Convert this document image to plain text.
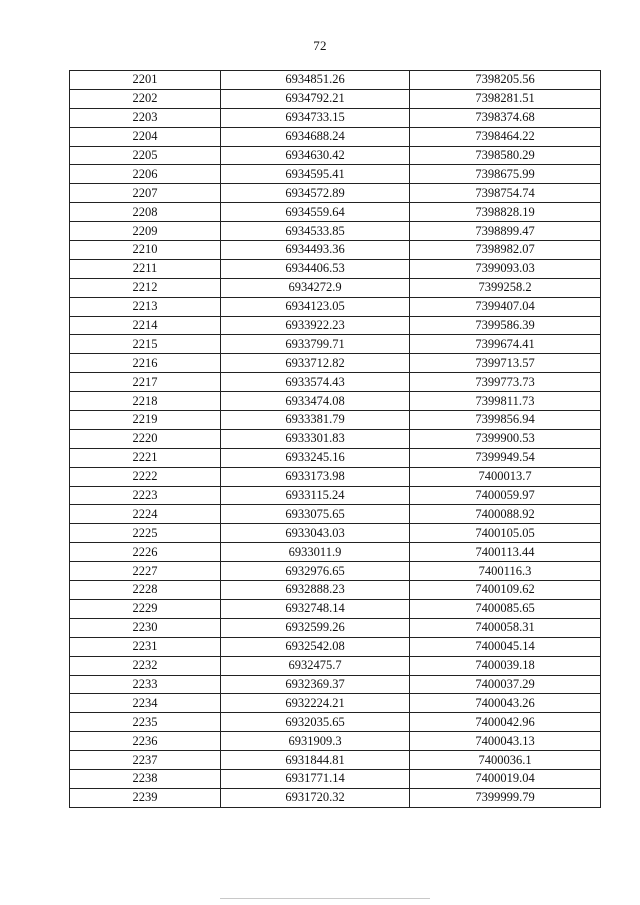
72
2201	6934851.26	7398205.56
2202	6934792.21	7398281.51
2203	6934733.15	7398374.68
2204	6934688.24	7398464.22
2205	6934630.42	7398580.29
2206	6934595.41	7398675.99
2207	6934572.89	7398754.74
2208	6934559.64	7398828.19
2209	6934533.85	7398899.47
2210	6934493.36	7398982.07
2211	6934406.53	7399093.03
2212	6934272.9	7399258.2
2213	6934123.05	7399407.04
2214	6933922.23	7399586.39
2215	6933799.71	7399674.41
2216	6933712.82	7399713.57
2217	6933574.43	7399773.73
2218	6933474.08	7399811.73
2219	6933381.79	7399856.94
2220	6933301.83	7399900.53
2221	6933245.16	7399949.54
2222	6933173.98	7400013.7
2223	6933115.24	7400059.97
2224	6933075.65	7400088.92
2225	6933043.03	7400105.05
2226	6933011.9	7400113.44
2227	6932976.65	7400116.3
2228	6932888.23	7400109.62
2229	6932748.14	7400085.65
2230	6932599.26	7400058.31
2231	6932542.08	7400045.14
2232	6932475.7	7400039.18
2233	6932369.37	7400037.29
2234	6932224.21	7400043.26
2235	6932035.65	7400042.96
2236	6931909.3	7400043.13
2237	6931844.81	7400036.1
2238	6931771.14	7400019.04
2239	6931720.32	7399999.79
